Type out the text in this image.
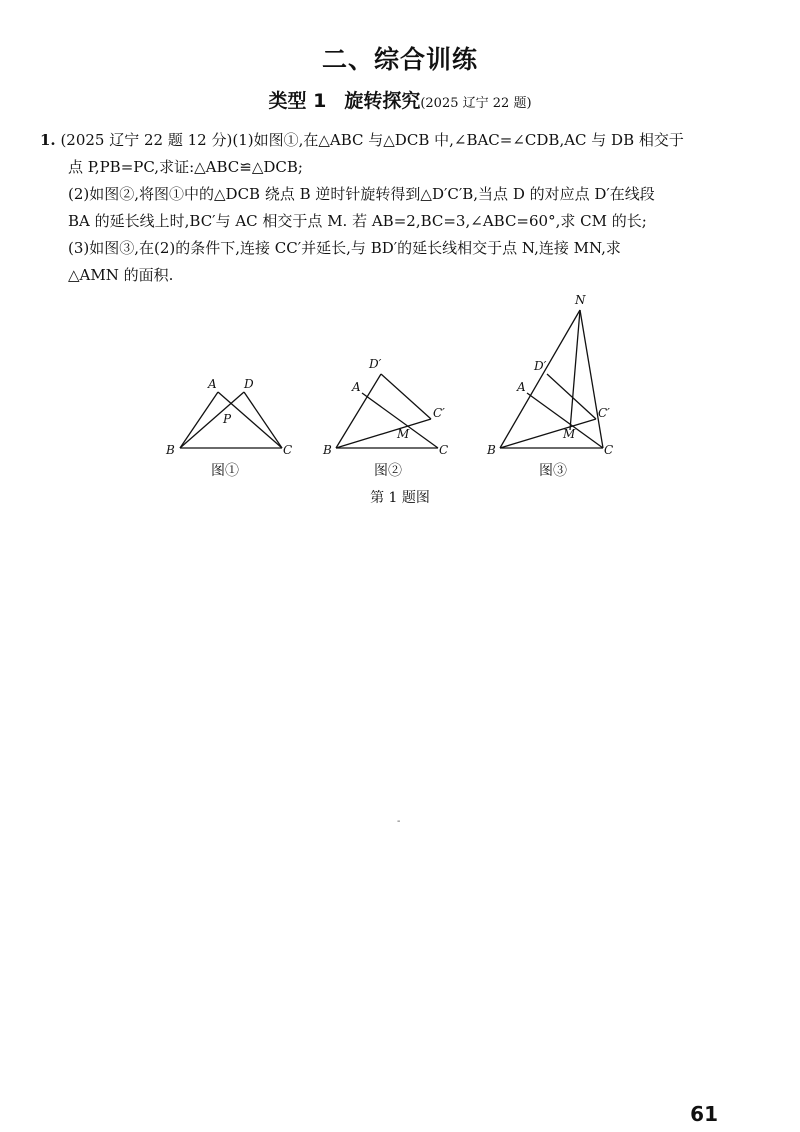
二、综合训练
类型 1 旋转探究(2025 辽宁 22 题)
1. (2025 辽宁 22 题 12 分)(1)如图①,在△ABC 与△DCB 中,∠BAC=∠CDB,AC 与 DB 相交于
点 P,PB=PC,求证:△ABC≌△DCB;
(2)如图②,将图①中的△DCB 绕点 B 逆时针旋转得到△D′C′B,当点 D 的对应点 D′在线段
BA 的延长线上时,BC′与 AC 相交于点 M. 若 AB=2,BC=3,∠ABC=60°,求 CM 的长;
(3)如图③,在(2)的条件下,连接 CC′并延长,与 BD′的延长线相交于点 N,连接 MN,求
△AMN 的面积.
A D
P
B	C
D′
A
C′
M
B	C
N
D′
A
C′
M
B	C
图①	图②	图③
第 1 题图
-
61
